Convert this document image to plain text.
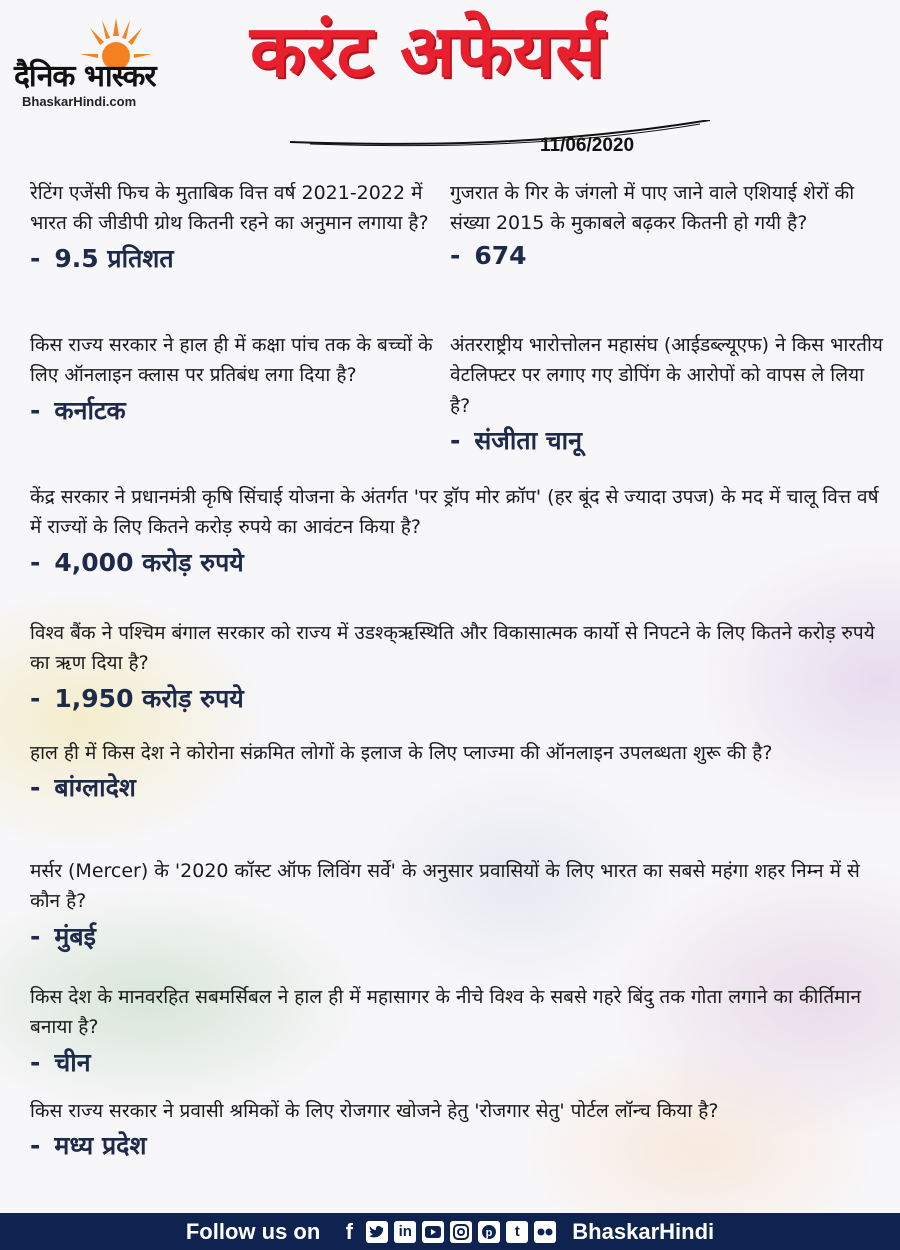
दैनिक भास्कर
BhaskarHindi.com
करंट अफेयर्स
11/06/2020
रेटिंग एजेंसी फिच के मुताबिक वित्त वर्ष 2021-2022 में भारत की जीडीपी ग्रोथ कितनी रहने का अनुमान लगाया है?
- 9.5 प्रतिशत
गुजरात के गिर के जंगलो में पाए जाने वाले एशियाई शेरों की संख्या 2015 के मुकाबले बढ़कर कितनी हो गयी है?
- 674
किस राज्य सरकार ने हाल ही में कक्षा पांच तक के बच्चों के लिए ऑनलाइन क्लास पर प्रतिबंध लगा दिया है?
- कर्नाटक
अंतरराष्ट्रीय भारोत्तोलन महासंघ (आईडब्ल्यूएफ) ने किस भारतीय वेटलिफ्टर पर लगाए गए डोपिंग के आरोपों को वापस ले लिया है?
- संजीता चानू
केंद्र सरकार ने प्रधानमंत्री कृषि सिंचाई योजना के अंतर्गत 'पर ड्रॉप मोर क्रॉप' (हर बूंद से ज्यादा उपज) के मद में चालू वित्त वर्ष में राज्यों के लिए कितने करोड़ रुपये का आवंटन किया है?
- 4,000 करोड़ रुपये
विश्व बैंक ने पश्चिम बंगाल सरकार को राज्य में उडश्क्ऋस्थिति और विकासात्मक कार्यो से निपटने के लिए कितने करोड़ रुपये का ऋण दिया है?
- 1,950 करोड़ रुपये
हाल ही में किस देश ने कोरोना संक्रमित लोगों के इलाज के लिए प्लाज्मा की ऑनलाइन उपलब्धता शुरू की है?
- बांग्लादेश
मर्सर (Mercer) के '2020 कॉस्ट ऑफ लिविंग सर्वे' के अनुसार प्रवासियों के लिए भारत का सबसे महंगा शहर निम्न में से कौन है?
- मुंबई
किस देश के मानवरहित सबमर्सिबल ने हाल ही में महासागर के नीचे विश्व के सबसे गहरे बिंदु तक गोता लगाने का कीर्तिमान बनाया है?
- चीन
किस राज्य सरकार ने प्रवासी श्रमिकों के लिए रोजगार खोजने हेतु 'रोजगार सेतु' पोर्टल लॉन्च किया है?
- मध्य प्रदेश
Follow us on	f	in	p	t	BhaskarHindi
